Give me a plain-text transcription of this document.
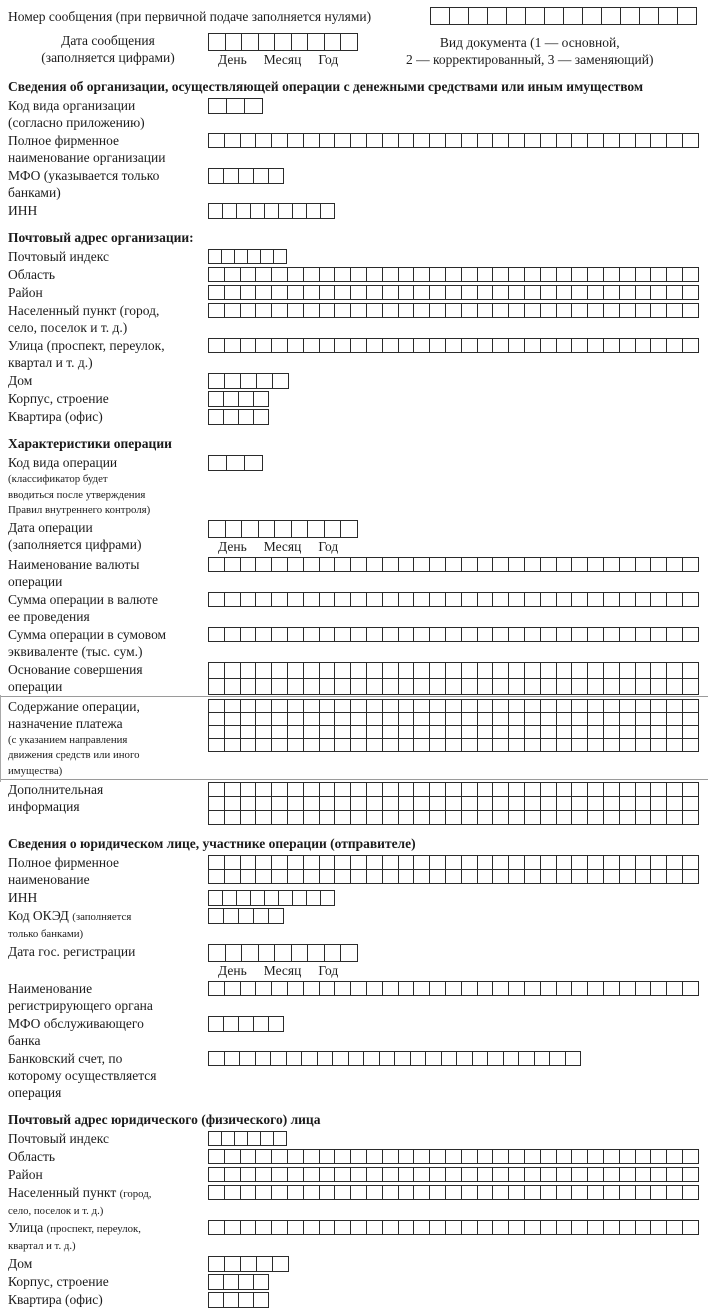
Номер сообщения (при первичной подаче заполняется нулями)
Дата сообщения
(заполняется цифрами)	День Месяц Год
Вид документа (1 — основной,
2 — корректированный, 3 — заменяющий)
Сведения об организации, осуществляющей операции с денежными средствами или иным имуществом
Код вида организации
(согласно приложению)
Полное фирменное
наименование организации
МФО (указывается только
банками)
ИНН
Почтовый адрес организации:
Почтовый индекс
Область
Район
Населенный пункт (город,
село, поселок и т. д.)
Улица (проспект, переулок,
квартал и т. д.)
Дом
Корпус, строение
Квартира (офис)
Характеристики операции
Код вида операции
(классификатор будет
вводиться после утверждения
Правил внутреннего контроля)
Дата операции
(заполняется цифрами)	День Месяц Год
Наименование валюты
операции
Сумма операции в валюте
ее проведения
Сумма операции в сумовом
эквиваленте (тыс. сум.)
Основание совершения
операции
Содержание операции,
назначение платежа
(с указанием направления
движения средств или иного
имущества)
Дополнительная
информация
Сведения о юридическом лице, участнике операции (отправителе)
Полное фирменное
наименование
ИНН
Код ОКЭД (заполняется
только банками)
Дата гос. регистрации
День Месяц Год
Наименование
регистрирующего органа
МФО обслуживающего
банка
Банковский счет, по
которому осуществляется
операция
Почтовый адрес юридического (физического) лица
Почтовый индекс
Область
Район
Населенный пункт (город,
село, поселок и т. д.)
Улица (проспект, переулок,
квартал и т. д.)
Дом
Корпус, строение
Квартира (офис)
